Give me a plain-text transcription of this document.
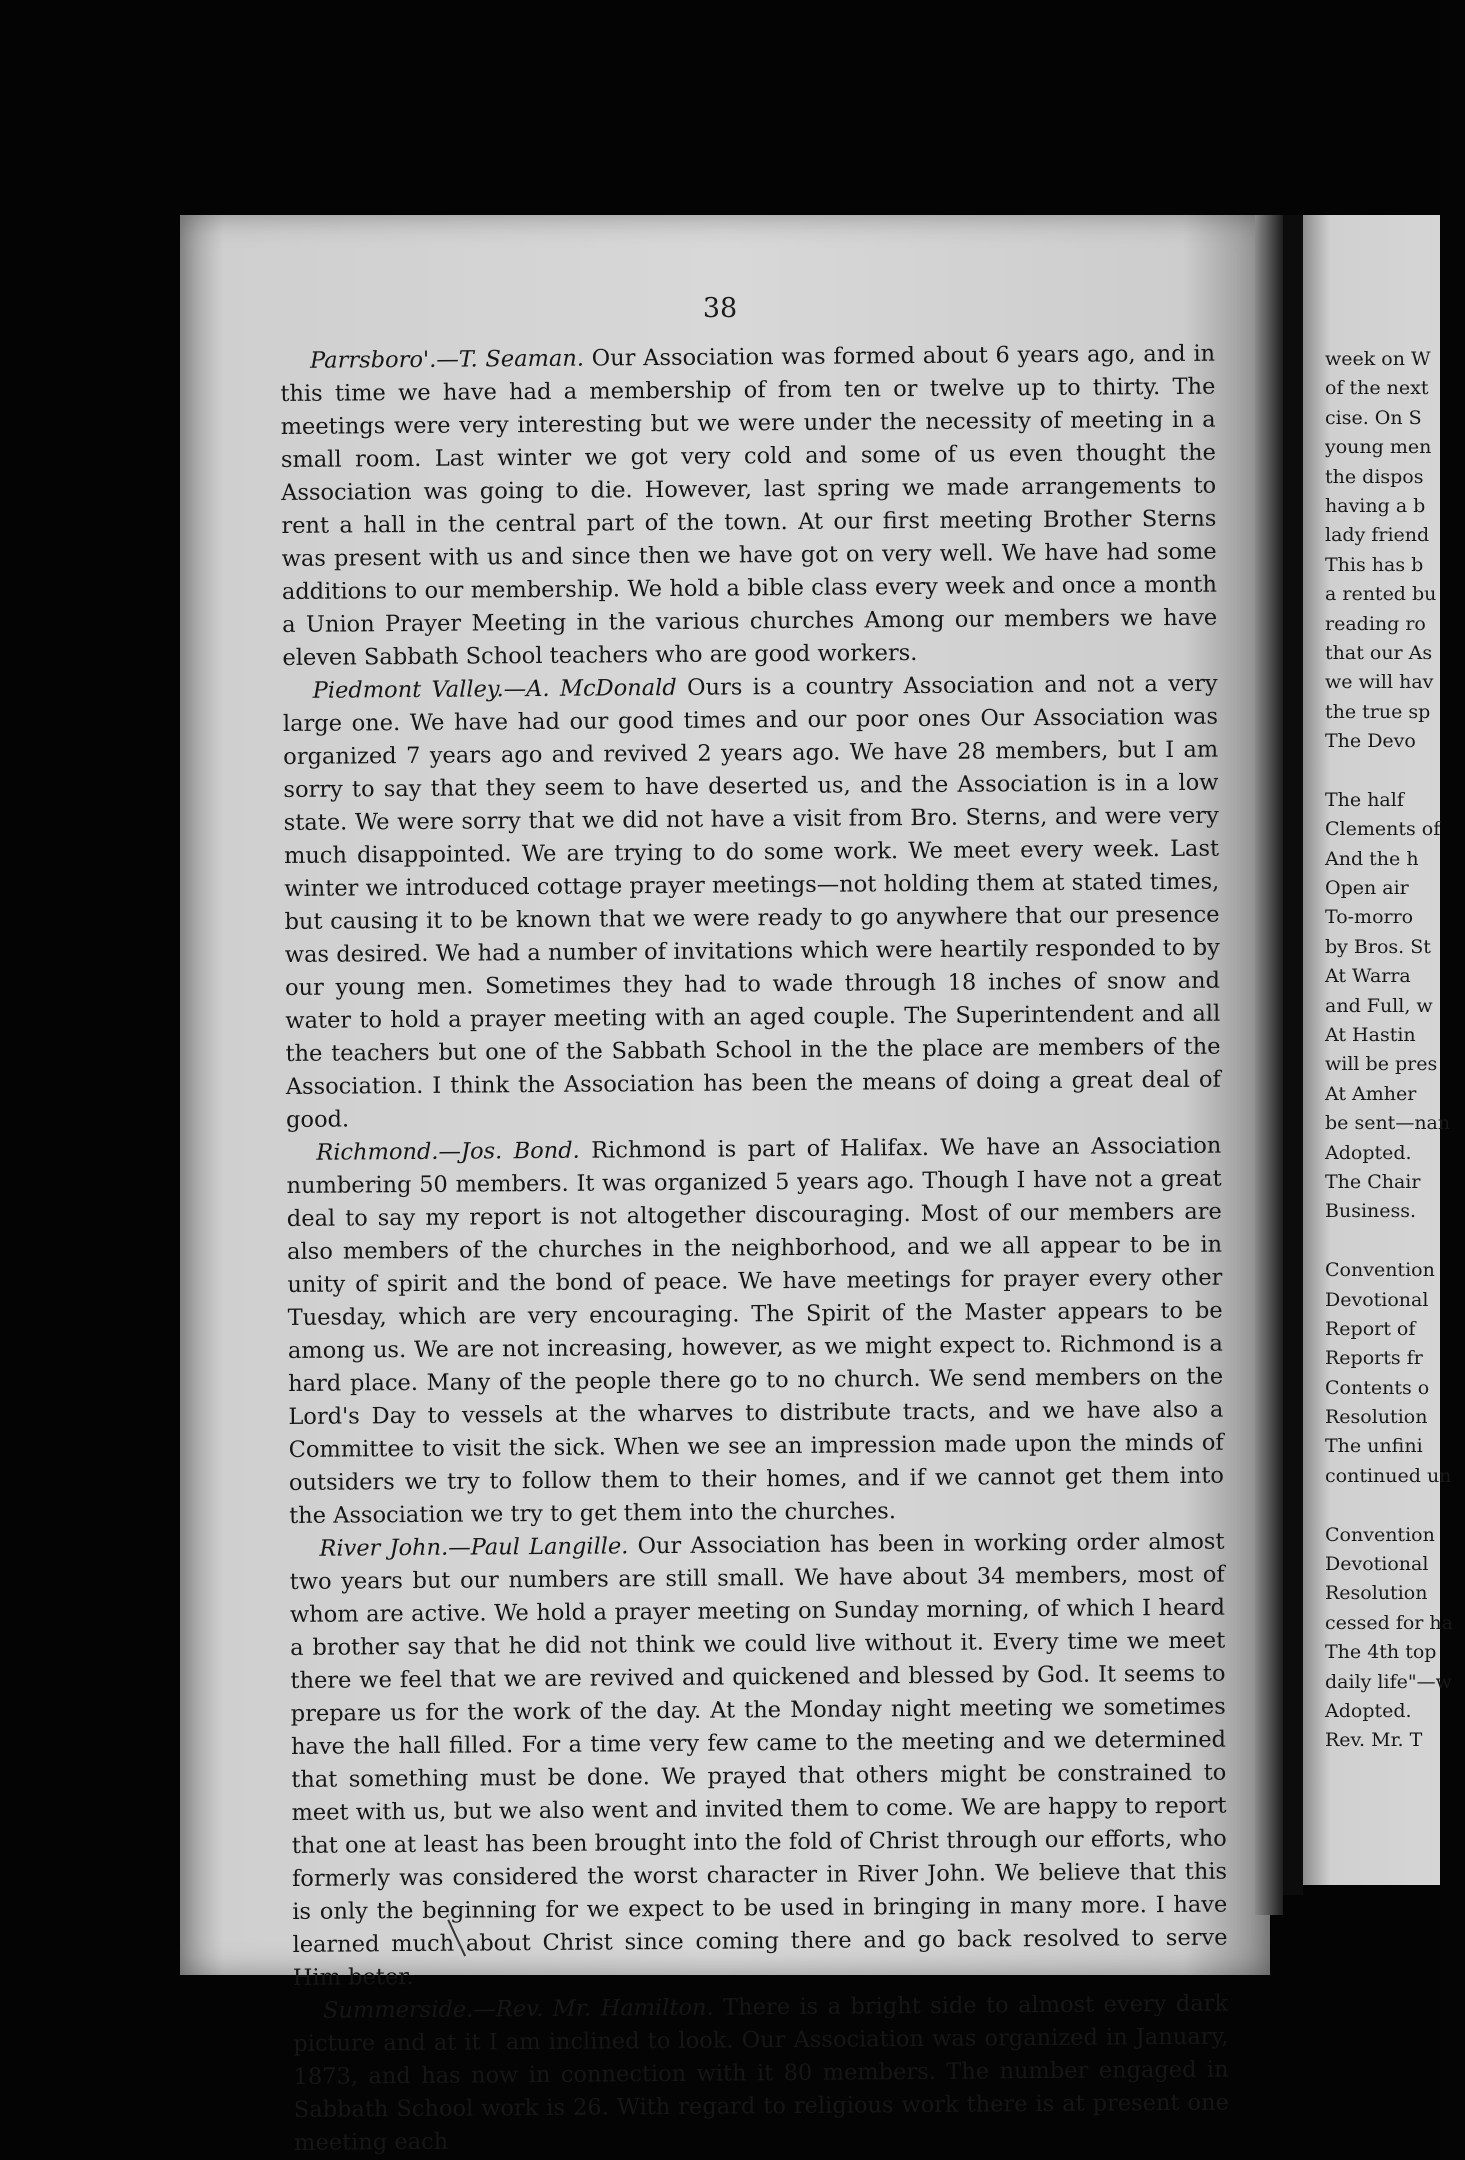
week on W
of the next
cise. On S
young men
the dispos
having a b
lady friend
This has b
a rented bu
reading ro
that our As
we will hav
the true sp
The Devo
The half
Clements of
And the h
Open air
To-morro
by Bros. St
At Warra
and Full, w
At Hastin
will be pres
At Amher
be sent—nan
Adopted.
The Chair
Business.
Convention
Devotional
Report of
Reports fr
Contents o
Resolution
The unfini
continued un
Convention
Devotional
Resolution
cessed for ha
The 4th top
daily life"—w
Adopted.
Rev. Mr. T
38

Parrsboro'.—T. Seaman. Our Association was formed about 6 years ago, and in this time we have had a membership of from ten or twelve up to thirty. The meetings were very interesting but we were under the necessity of meeting in a small room. Last winter we got very cold and some of us even thought the Association was going to die. However, last spring we made arrangements to rent a hall in the central part of the town. At our first meeting Brother Sterns was present with us and since then we have got on very well. We have had some additions to our membership. We hold a bible class every week and once a month a Union Prayer Meeting in the various churches Among our members we have eleven Sabbath School teachers who are good workers.

Piedmont Valley.—A. McDonald Ours is a country Association and not a very large one. We have had our good times and our poor ones Our Association was organized 7 years ago and revived 2 years ago. We have 28 members, but I am sorry to say that they seem to have deserted us, and the Association is in a low state. We were sorry that we did not have a visit from Bro. Sterns, and were very much disappointed. We are trying to do some work. We meet every week. Last winter we introduced cottage prayer meetings—not holding them at stated times, but causing it to be known that we were ready to go anywhere that our presence was desired. We had a number of invitations which were heartily responded to by our young men. Sometimes they had to wade through 18 inches of snow and water to hold a prayer meeting with an aged couple. The Superintendent and all the teachers but one of the Sabbath School in the the place are members of the Association. I think the Association has been the means of doing a great deal of good.

Richmond.—Jos. Bond. Richmond is part of Halifax. We have an Association numbering 50 members. It was organized 5 years ago. Though I have not a great deal to say my report is not altogether discouraging. Most of our members are also members of the churches in the neighborhood, and we all appear to be in unity of spirit and the bond of peace. We have meetings for prayer every other Tuesday, which are very encouraging. The Spirit of the Master appears to be among us. We are not increasing, however, as we might expect to. Richmond is a hard place. Many of the people there go to no church. We send members on the Lord's Day to vessels at the wharves to distribute tracts, and we have also a Committee to visit the sick. When we see an impression made upon the minds of outsiders we try to follow them to their homes, and if we cannot get them into the Association we try to get them into the churches.

River John.—Paul Langille. Our Association has been in working order almost two years but our numbers are still small. We have about 34 members, most of whom are active. We hold a prayer meeting on Sunday morning, of which I heard a brother say that he did not think we could live without it. Every time we meet there we feel that we are revived and quickened and blessed by God. It seems to prepare us for the work of the day. At the Monday night meeting we sometimes have the hall filled. For a time very few came to the meeting and we determined that something must be done. We prayed that others might be constrained to meet with us, but we also went and invited them to come. We are happy to report that one at least has been brought into the fold of Christ through our efforts, who formerly was considered the worst character in River John. We believe that this is only the beginning for we expect to be used in bringing in many more. I have learned much about Christ since coming there and go back resolved to serve Him beter.

Summerside.—Rev. Mr. Hamilton. There is a bright side to almost every dark picture and at it I am inclined to look. Our Association was organized in January, 1873, and has now in connection with it 80 members. The number engaged in Sabbath School work is 26. With regard to religious work there is at present one meeting each
